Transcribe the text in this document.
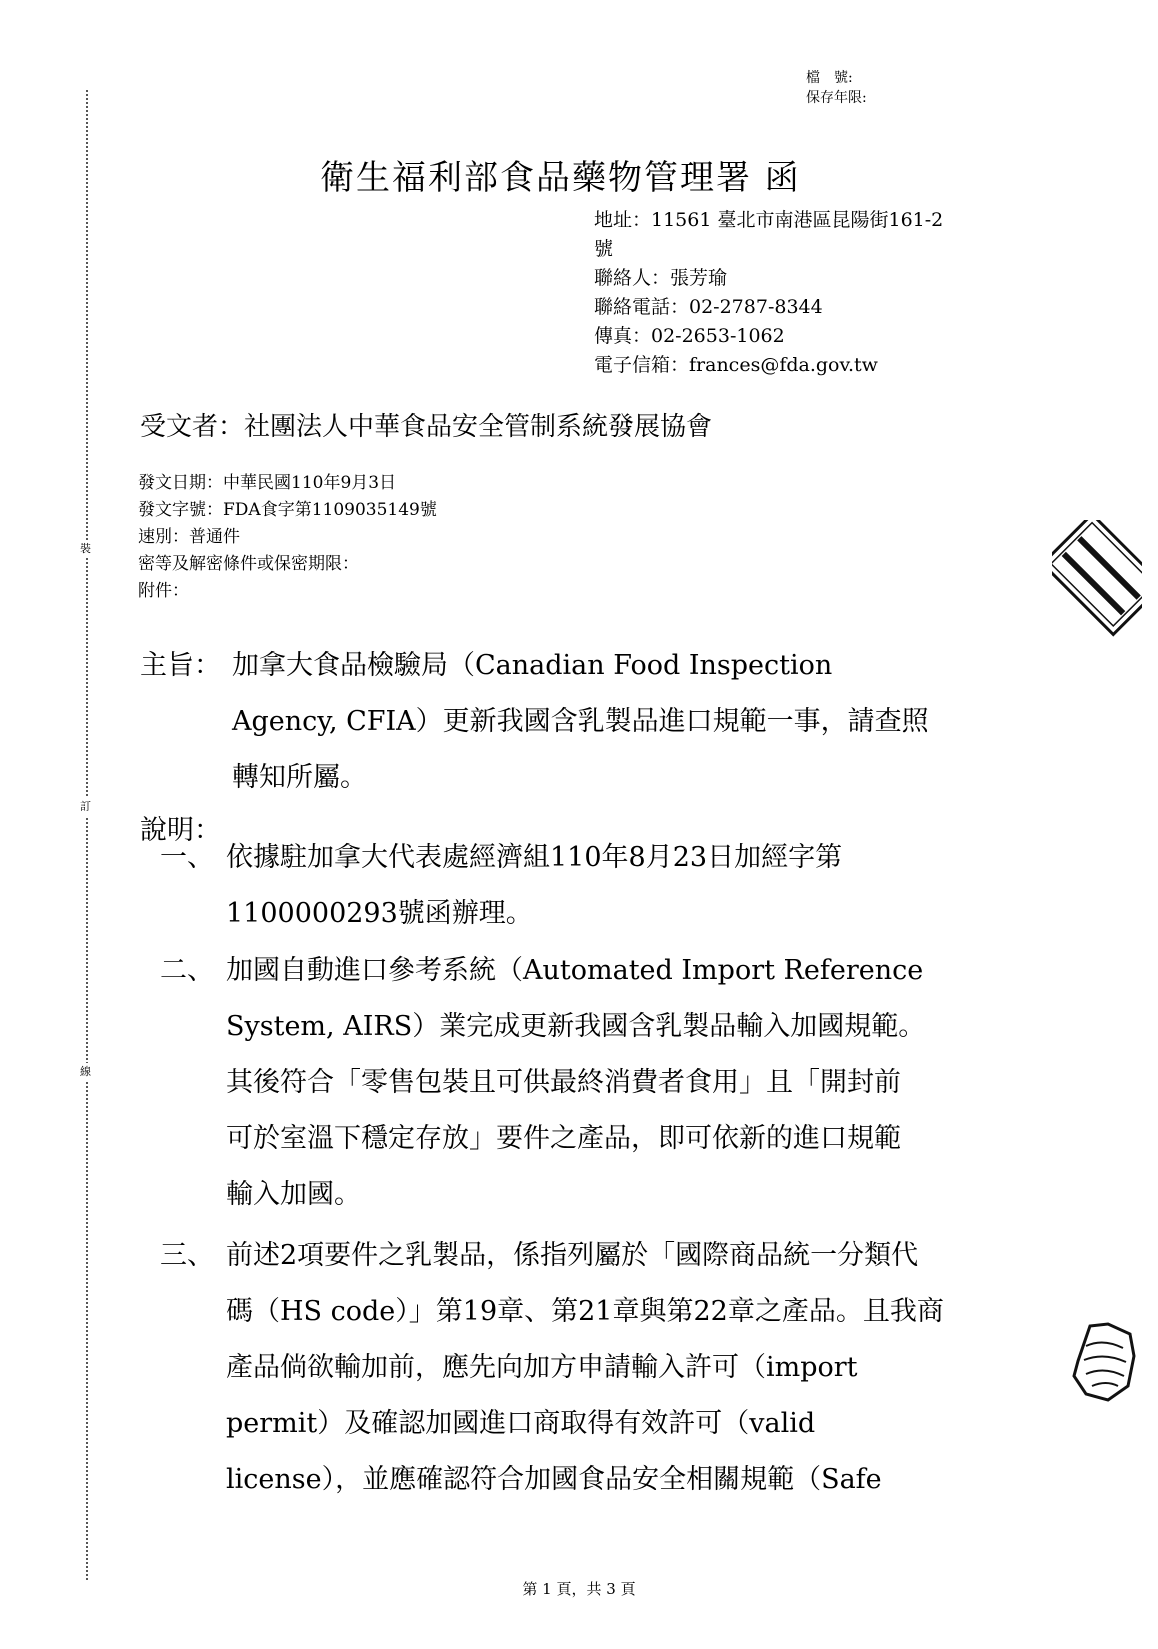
裝
訂
線
檔　號:
保存年限:
衛生福利部食品藥物管理署 函
地址：11561 臺北市南港區昆陽街161-2
號
聯絡人：張芳瑜
聯絡電話：02-2787-8344
傳真：02-2653-1062
電子信箱：frances@fda.gov.tw
受文者：社團法人中華食品安全管制系統發展協會
發文日期：中華民國110年9月3日
發文字號：FDA食字第1109035149號
速別：普通件
密等及解密條件或保密期限：
附件：
主旨： 加拿大食品檢驗局（Canadian Food Inspection
Agency, CFIA）更新我國含乳製品進口規範一事，請查照
轉知所屬。
說明：
一、 依據駐加拿大代表處經濟組110年8月23日加經字第
1100000293號函辦理。
二、 加國自動進口參考系統（Automated Import Reference
System, AIRS）業完成更新我國含乳製品輸入加國規範。
其後符合「零售包裝且可供最終消費者食用」且「開封前
可於室溫下穩定存放」要件之產品，即可依新的進口規範
輸入加國。
三、 前述2項要件之乳製品，係指列屬於「國際商品統一分類代
碼（HS code）」第19章、第21章與第22章之產品。且我商
產品倘欲輸加前，應先向加方申請輸入許可（import
permit）及確認加國進口商取得有效許可（valid
license），並應確認符合加國食品安全相關規範（Safe
第 1 頁，共 3 頁
